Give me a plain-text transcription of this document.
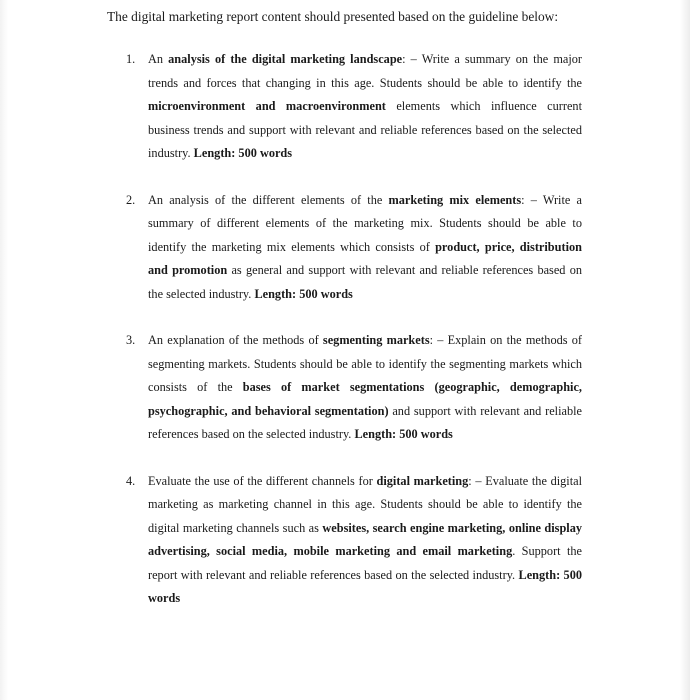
The digital marketing report content should presented based on the guideline below:

1. An analysis of the digital marketing landscape: – Write a summary on the major trends and forces that changing in this age. Students should be able to identify the microenvironment and macroenvironment elements which influence current business trends and support with relevant and reliable references based on the selected industry. Length: 500 words
2. An analysis of the different elements of the marketing mix elements: – Write a summary of different elements of the marketing mix. Students should be able to identify the marketing mix elements which consists of product, price, distribution and promotion as general and support with relevant and reliable references based on the selected industry. Length: 500 words
3. An explanation of the methods of segmenting markets: – Explain on the methods of segmenting markets. Students should be able to identify the segmenting markets which consists of the bases of market segmentations (geographic, demographic, psychographic, and behavioral segmentation) and support with relevant and reliable references based on the selected industry. Length: 500 words
4. Evaluate the use of the different channels for digital marketing: – Evaluate the digital marketing as marketing channel in this age. Students should be able to identify the digital marketing channels such as websites, search engine marketing, online display advertising, social media, mobile marketing and email marketing. Support the report with relevant and reliable references based on the selected industry. Length: 500 words
